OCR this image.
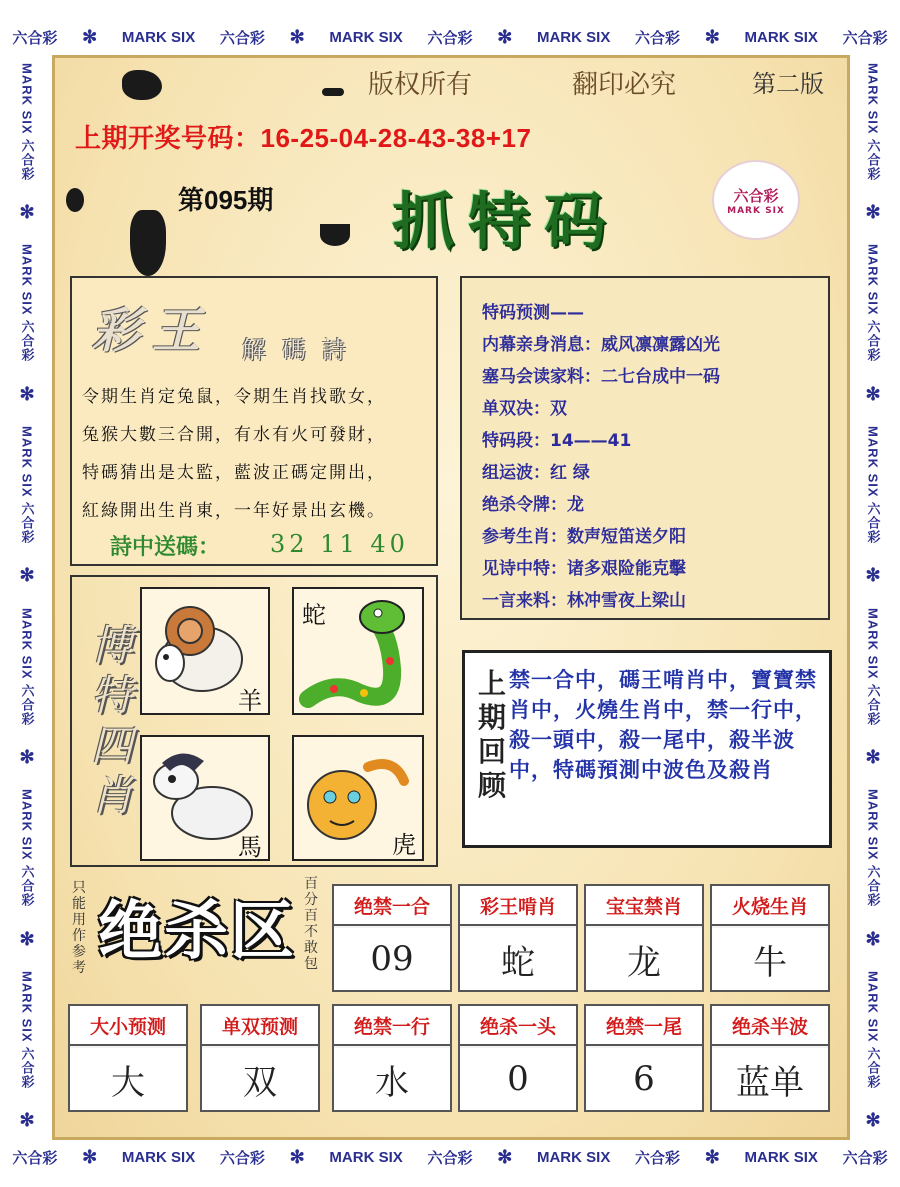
六合彩 ✻ MARK SIX 六合彩 ✻ MARK SIX 六合彩 ✻ MARK SIX 六合彩 ✻ MARK SIX 六合彩
六合彩 ✻ MARK SIX 六合彩 ✻ MARK SIX 六合彩 ✻ MARK SIX 六合彩 ✻ MARK SIX 六合彩
MARK SIX 六合彩
✻
MARK SIX 六合彩
✻
MARK SIX 六合彩
✻
MARK SIX 六合彩
✻
MARK SIX 六合彩
✻
MARK SIX 六合彩
✻
MARK SIX 六合彩
✻
MARK SIX 六合彩
✻
MARK SIX 六合彩
✻
MARK SIX 六合彩
✻
MARK SIX 六合彩
✻
MARK SIX 六合彩
✻
版权所有	翻印必究	第二版
上期开奖号码：16-25-04-28-43-38+17
第095期 抓特码	六合彩
MARK SIX
彩王 解碼詩
令期生肖定兔鼠，令期生肖找歌女，
兔猴大數三合開，有水有火可發財，
特碼猜出是太監，藍波正碼定開出，
紅綠開出生肖東，一年好景出玄機。
詩中送碼： 32 11 40
特码预测——
内幕亲身消息：威风凛凛露凶光
塞马会读家料：二七台成中一码
单双决：双
特码段：14——41
组运波：红 绿
绝杀令牌：龙
参考生肖：数声短笛送夕阳
见诗中特：诸多艰险能克擊
一言来料：林冲雪夜上梁山
博
特
四
肖
羊
蛇
馬	虎
上
期
回
顾
禁一合中，碼王啃肖中，寶寶禁肖中，火燒生肖中，禁一行中，殺一頭中，殺一尾中，殺半波中，特碼預測中波色及殺肖
只能用作参考 绝杀区
百分百不敢包
绝禁一合
09
彩王啃肖
蛇
宝宝禁肖
龙
火烧生肖
牛
大小预测
大
单双预测
双
绝禁一行
水
绝杀一头
0
绝禁一尾
6
绝杀半波
蓝单
